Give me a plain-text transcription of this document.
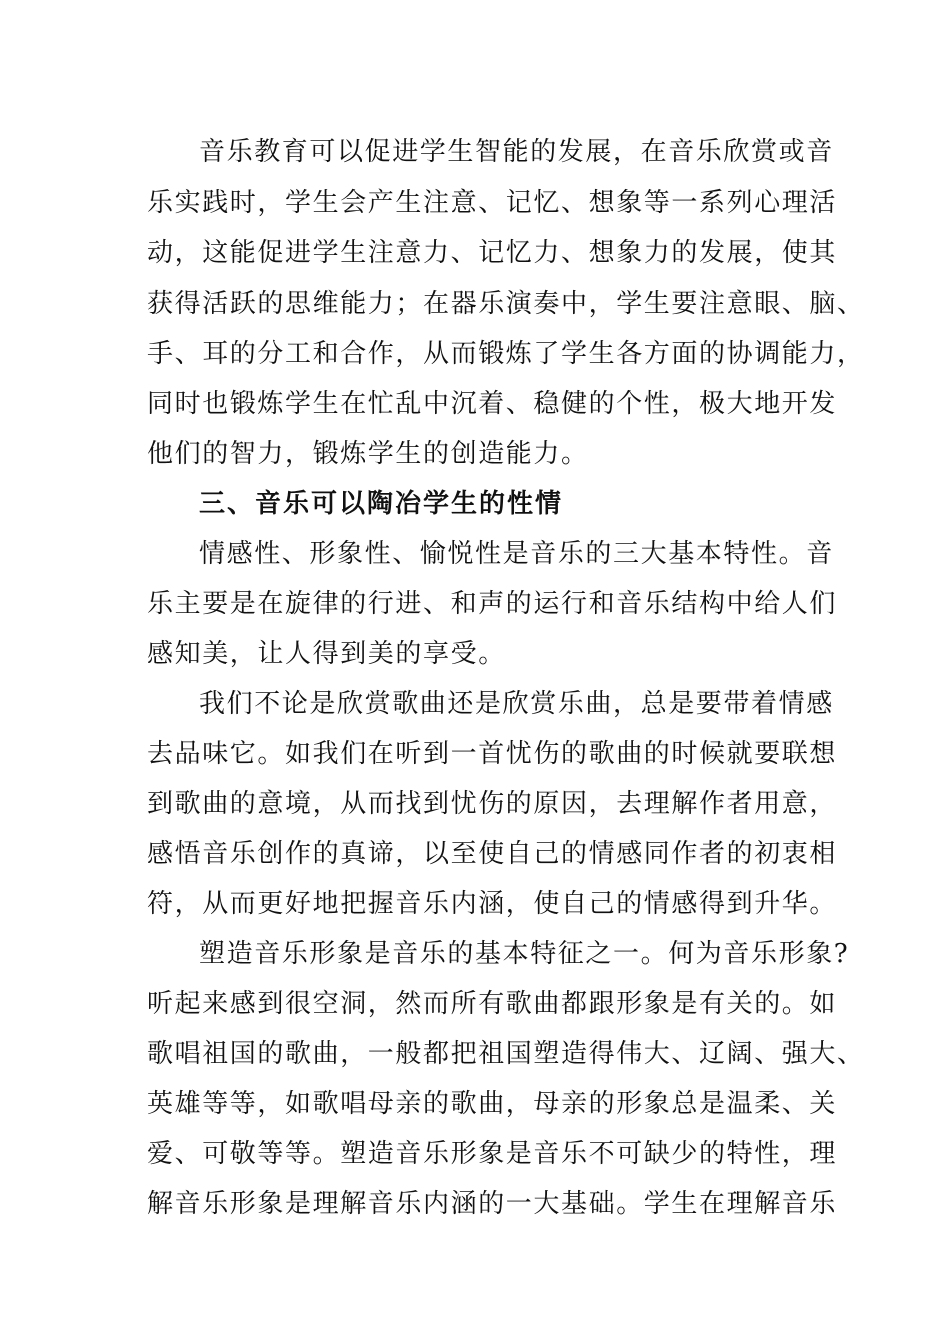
音乐教育可以促进学生智能的发展，在音乐欣赏或音

乐实践时，学生会产生注意、记忆、想象等一系列心理活

动，这能促进学生注意力、记忆力、想象力的发展，使其

获得活跃的思维能力；在器乐演奏中，学生要注意眼、脑、

手、耳的分工和合作，从而锻炼了学生各方面的协调能力，

同时也锻炼学生在忙乱中沉着、稳健的个性，极大地开发

他们的智力，锻炼学生的创造能力。

三、音乐可以陶冶学生的性情

情感性、形象性、愉悦性是音乐的三大基本特性。音

乐主要是在旋律的行进、和声的运行和音乐结构中给人们

感知美，让人得到美的享受。

我们不论是欣赏歌曲还是欣赏乐曲，总是要带着情感

去品味它。如我们在听到一首忧伤的歌曲的时候就要联想

到歌曲的意境，从而找到忧伤的原因，去理解作者用意，

感悟音乐创作的真谛，以至使自己的情感同作者的初衷相

符，从而更好地把握音乐内涵，使自己的情感得到升华。

塑造音乐形象是音乐的基本特征之一。何为音乐形象?

听起来感到很空洞，然而所有歌曲都跟形象是有关的。如

歌唱祖国的歌曲，一般都把祖国塑造得伟大、辽阔、强大、

英雄等等，如歌唱母亲的歌曲，母亲的形象总是温柔、关

爱、可敬等等。塑造音乐形象是音乐不可缺少的特性，理

解音乐形象是理解音乐内涵的一大基础。学生在理解音乐
